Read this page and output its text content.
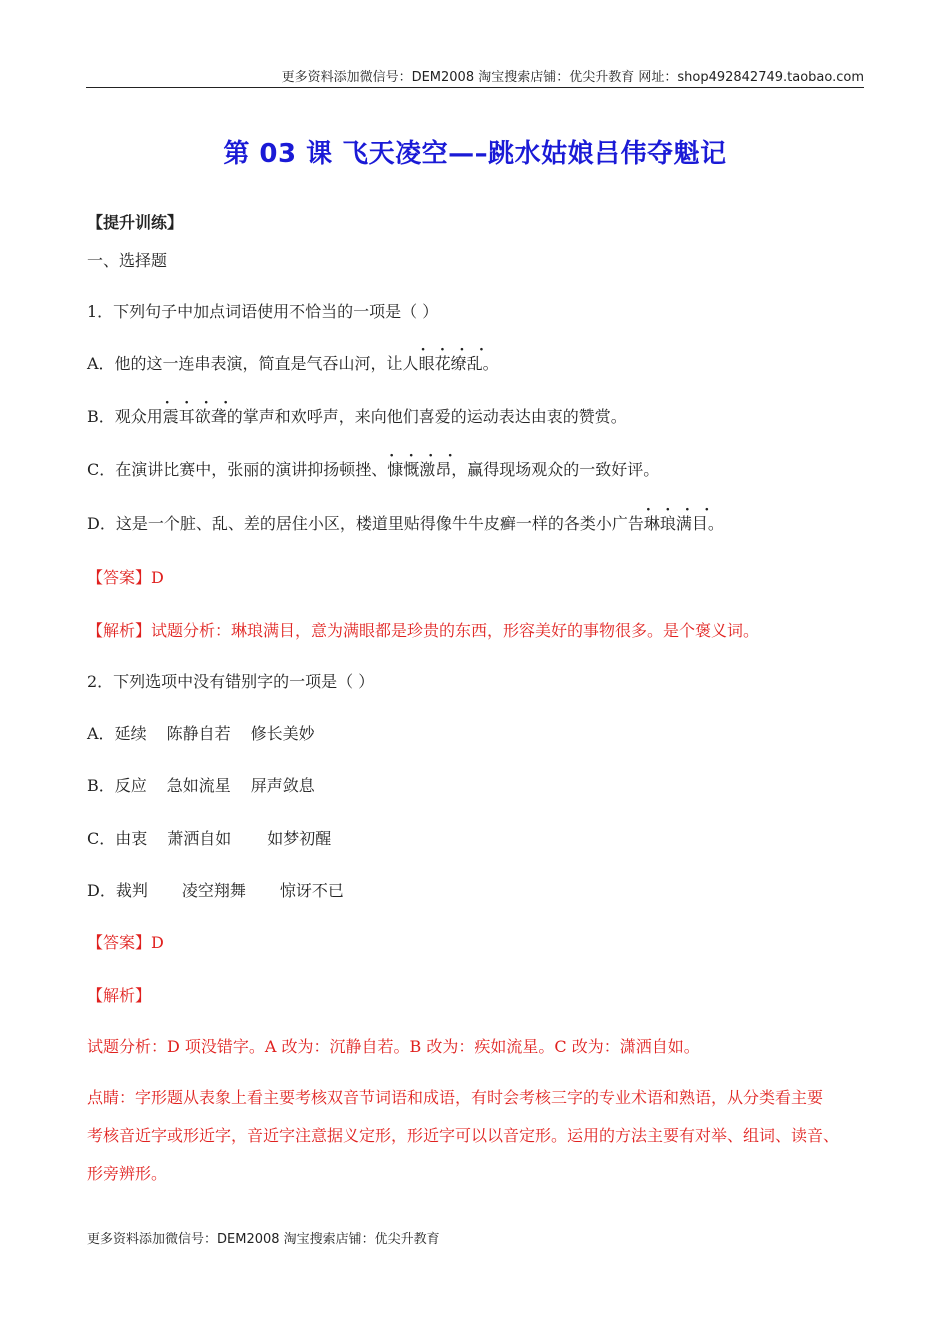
更多资料添加微信号：DEM2008 淘宝搜索店铺：优尖升教育 网址：shop492842749.taobao.com
第 03 课 飞天凌空—–跳水姑娘吕伟夺魁记
【提升训练】
一、选择题
1．下列句子中加点词语使用不恰当的一项是（ ）
A．他的这一连串表演，简直是气吞山河，让人· · 眼花缭乱。
B．观众用· · 震耳欲聋的掌声和欢呼声，来向他们喜爱的运动表达由衷的赞赏。
C．在演讲比赛中，张丽的演讲抑扬顿挫、· · 慷慨激昂，赢得现场观众的一致好评。
D．这是一个脏、乱、差的居住小区，楼道里贴得像牛牛皮癣一样的各类小广告· · 琳琅满目。
【答案】D
【解析】试题分析：琳琅满目，意为满眼都是珍贵的东西，形容美好的事物很多。是个褒义词。
2．下列选项中没有错别字的一项是（ ）
A．延续 陈静自若 修长美妙
B．反应 急如流星 屏声敛息
C．由衷 萧洒自如 如梦初醒
D．裁判 凌空翔舞 惊讶不已
【答案】D
【解析】
试题分析：D 项没错字。A 改为：沉静自若。B 改为：疾如流星。C 改为：潇洒自如。
点睛：字形题从表象上看主要考核双音节词语和成语，有时会考核三字的专业术语和熟语，从分类看主要
考核音近字或形近字，音近字注意据义定形，形近字可以以音定形。运用的方法主要有对举、组词、读音、
形旁辨形。
更多资料添加微信号：DEM2008 淘宝搜索店铺：优尖升教育
